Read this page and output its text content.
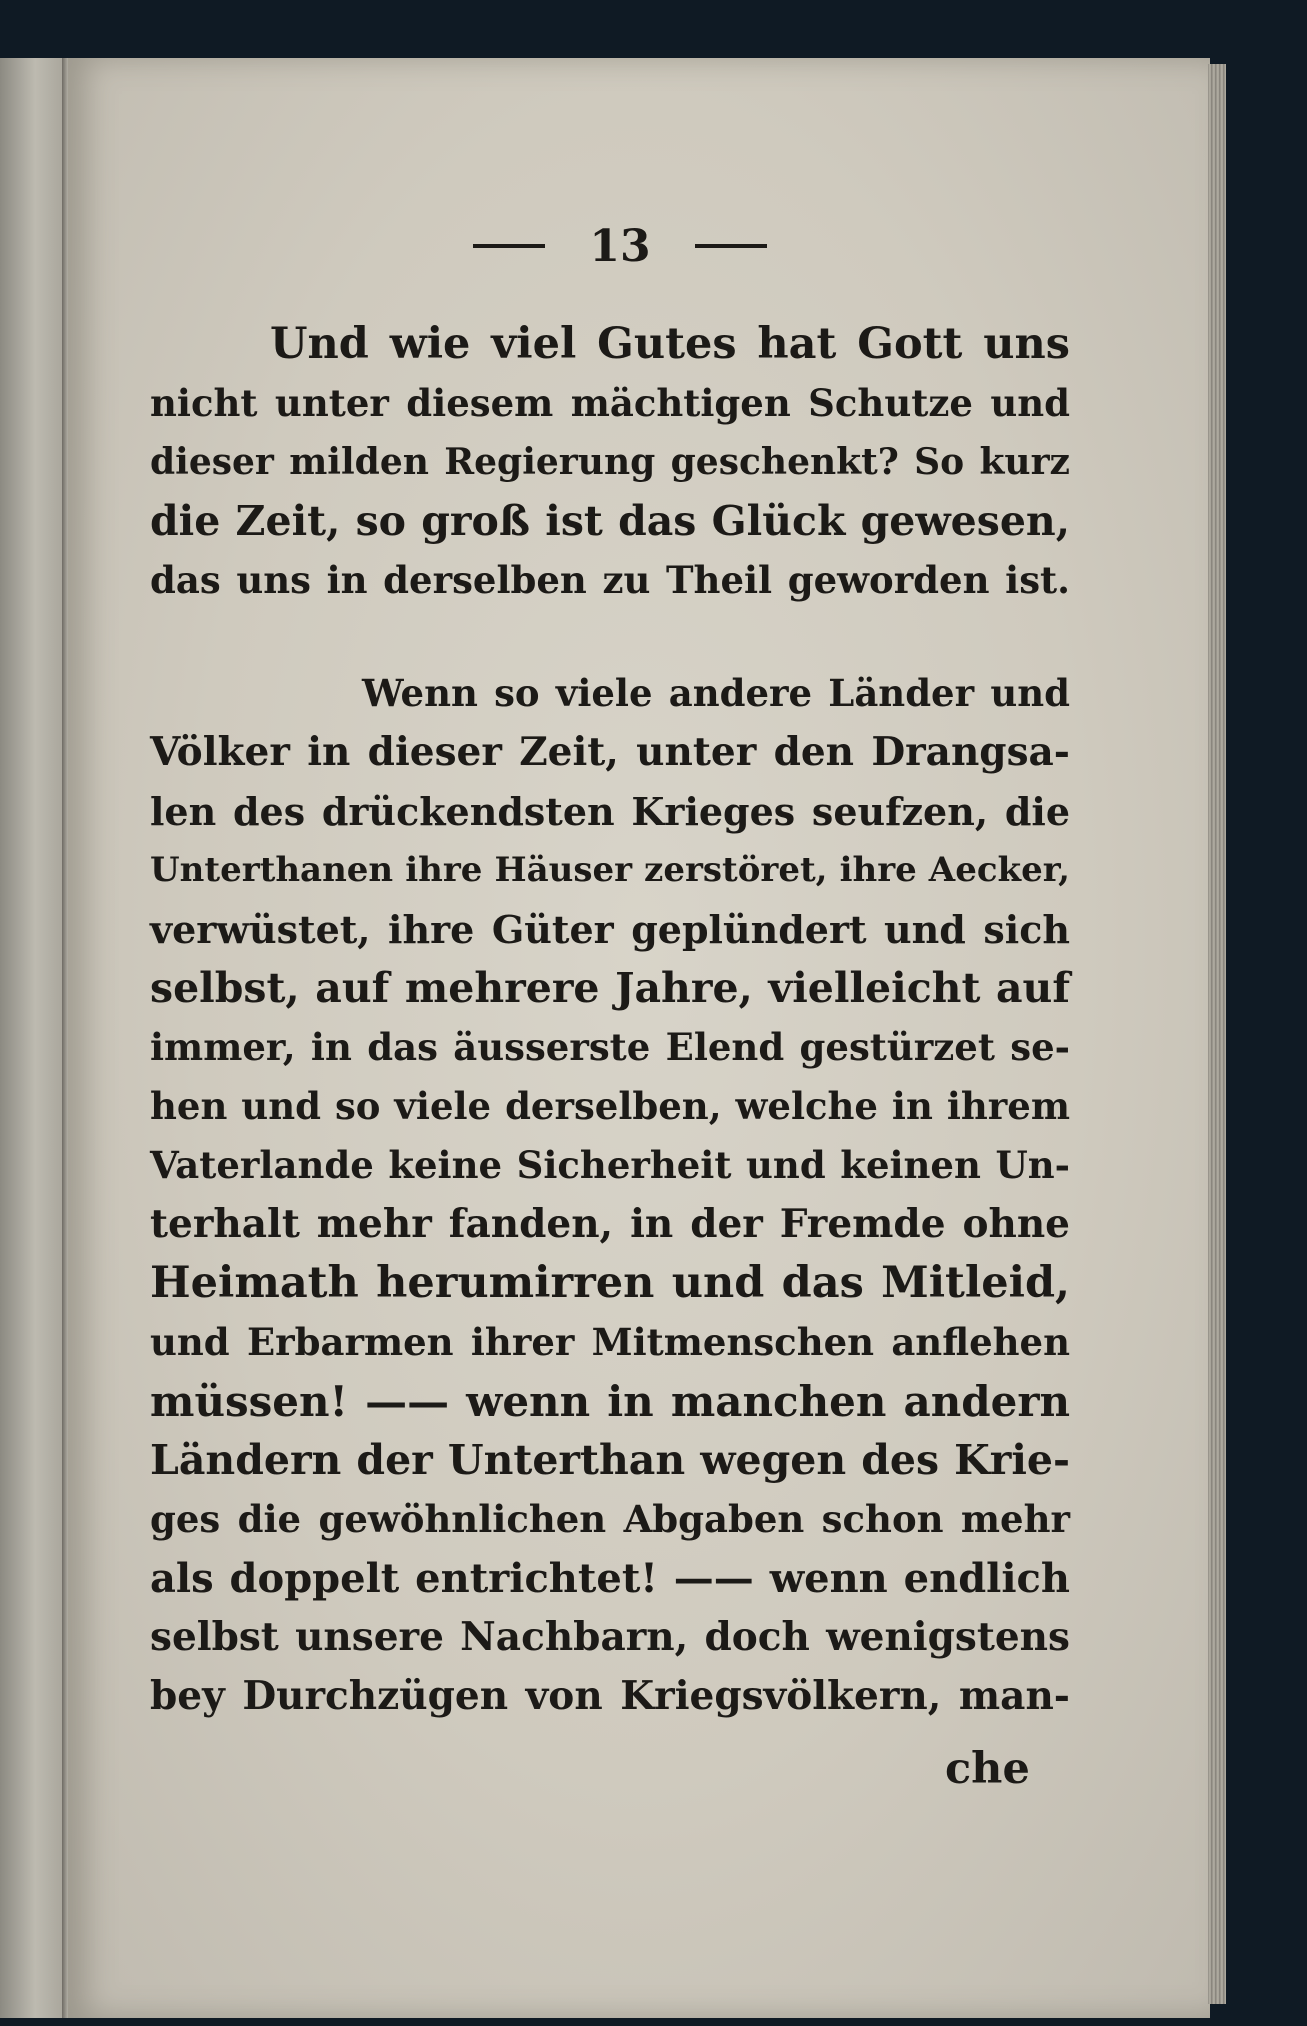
13
Und wie viel Gutes hat Gott uns
nicht unter diesem mächtigen Schutze und
dieser milden Regierung geschenkt? So kurz
die Zeit, so groß ist das Glück gewesen,
das uns in derselben zu Theil geworden ist.
Wenn so viele andere Länder und
Völker in dieser Zeit, unter den Drangsa-
len des drückendsten Krieges seufzen, die
Unterthanen ihre Häuser zerstöret, ihre Aecker,
verwüstet, ihre Güter geplündert und sich
selbst, auf mehrere Jahre, vielleicht auf
immer, in das äusserste Elend gestürzet se-
hen und so viele derselben, welche in ihrem
Vaterlande keine Sicherheit und keinen Un-
terhalt mehr fanden, in der Fremde ohne
Heimath herumirren und das Mitleid,
und Erbarmen ihrer Mitmenschen anflehen
müssen! —— wenn in manchen andern
Ländern der Unterthan wegen des Krie-
ges die gewöhnlichen Abgaben schon mehr
als doppelt entrichtet! —— wenn endlich
selbst unsere Nachbarn, doch wenigstens
bey Durchzügen von Kriegsvölkern, man-
che
